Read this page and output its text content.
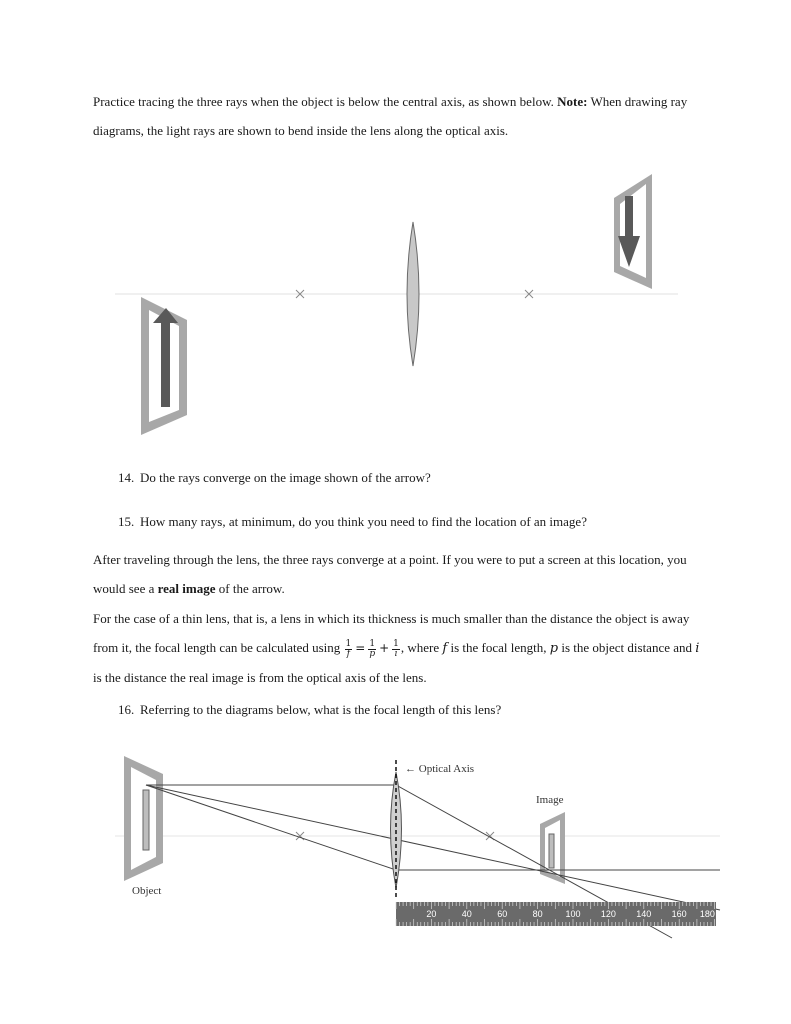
Practice tracing the three rays when the object is below the central axis, as shown below. Note: When drawing ray diagrams, the light rays are shown to bend inside the lens along the optical axis.

14. Do the rays converge on the image shown of the arrow?

15. How many rays, at minimum, do you think you need to find the location of an image?

After traveling through the lens, the three rays converge at a point. If you were to put a screen at this location, you would see a real image of the arrow.

For the case of a thin lens, that is, a lens in which its thickness is much smaller than the distance the object is away from it, the focal length can be calculated using $\frac{1}{f} = \frac{1}{p} + \frac{1}{i}$ , where f is the focal length, p is the object distance and i is the distance the real image is from the optical axis of the lens.

16. Referring to the diagrams below, what is the focal length of this lens?

← Optical Axis
Image
Object
20	40	60	80	100 120 140 160 180 cm
